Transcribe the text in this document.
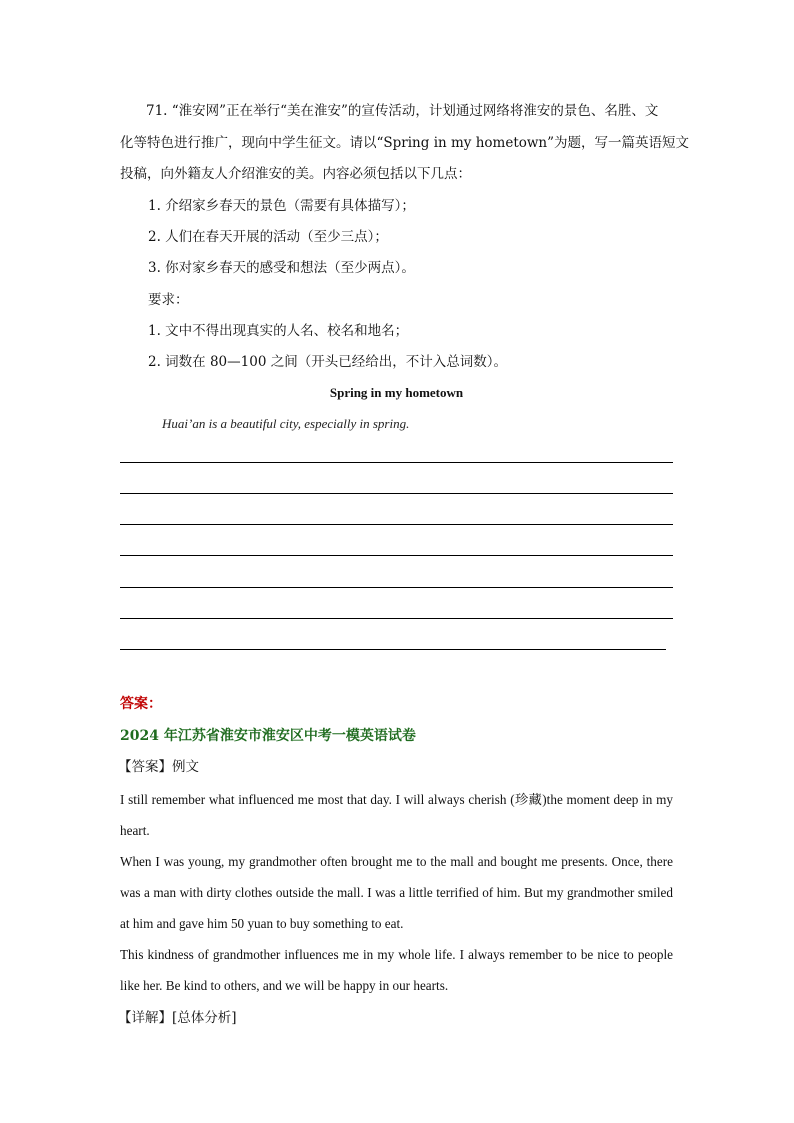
71. “淮安网”正在举行“美在淮安”的宣传活动，计划通过网络将淮安的景色、名胜、文
化等特色进行推广，现向中学生征文。请以“Spring in my hometown”为题，写一篇英语短文
投稿，向外籍友人介绍淮安的美。内容必须包括以下几点：
1. 介绍家乡春天的景色（需要有具体描写）；
2. 人们在春天开展的活动（至少三点）；
3. 你对家乡春天的感受和想法（至少两点）。
要求：
1. 文中不得出现真实的人名、校名和地名；
2. 词数在 80—100 之间（开头已经给出，不计入总词数）。
Spring in my hometown
Huai’an is a beautiful city, especially in spring.
答案：
2024 年江苏省淮安市淮安区中考一模英语试卷
【答案】例文

I still remember what influenced me most that day. I will always cherish (珍藏)the moment deep in my heart.

When I was young, my grandmother often brought me to the mall and bought me presents. Once, there was a man with dirty clothes outside the mall. I was a little terrified of him. But my grandmother smiled at him and gave him 50 yuan to buy something to eat.

This kindness of grandmother influences me in my whole life. I always remember to be nice to people like her. Be kind to others, and we will be happy in our hearts.

【详解】[总体分析]
